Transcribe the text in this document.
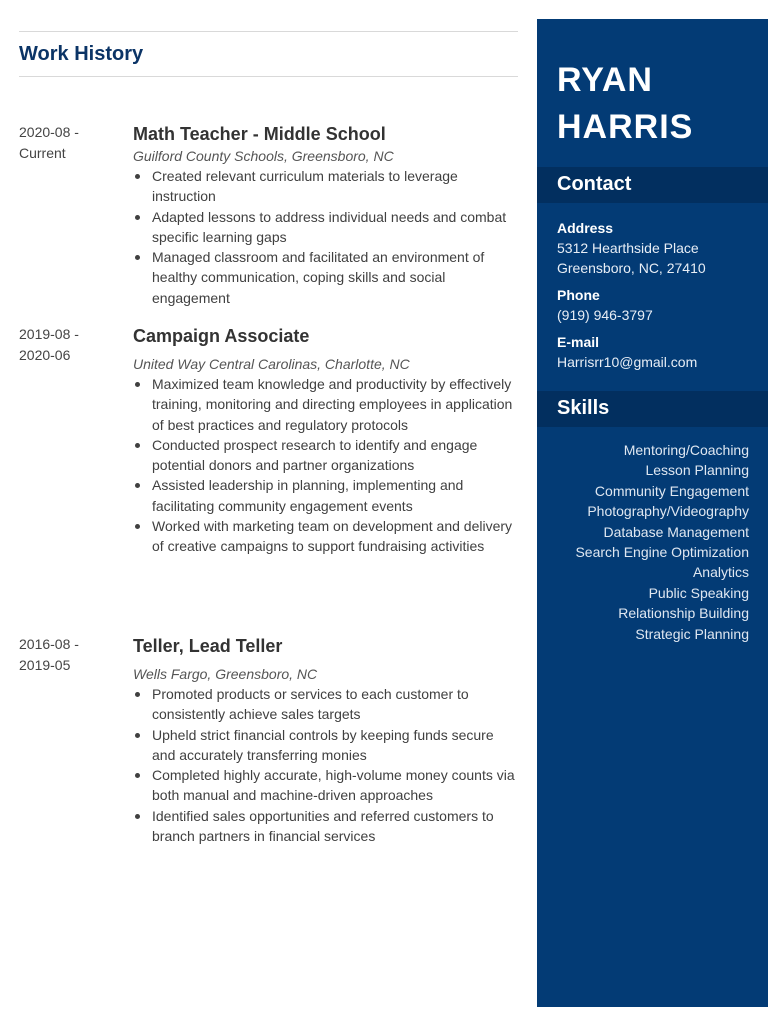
Work History
2020-08 -
Current
Math Teacher - Middle School

Guilford County Schools, Greensboro, NC

Created relevant curriculum materials to leverage instruction
Adapted lessons to address individual needs and combat specific learning gaps
Managed classroom and facilitated an environment of healthy communication, coping skills and social engagement
2019-08 -
2020-06
Campaign Associate

United Way Central Carolinas, Charlotte, NC

Maximized team knowledge and productivity by effectively training, monitoring and directing employees in application of best practices and regulatory protocols
Conducted prospect research to identify and engage potential donors and partner organizations
Assisted leadership in planning, implementing and facilitating community engagement events
Worked with marketing team on development and delivery of creative campaigns to support fundraising activities
2016-08 -
2019-05
Teller, Lead Teller

Wells Fargo, Greensboro, NC

Promoted products or services to each customer to consistently achieve sales targets
Upheld strict financial controls by keeping funds secure and accurately transferring monies
Completed highly accurate, high-volume money counts via both manual and machine-driven approaches
Identified sales opportunities and referred customers to branch partners in financial services
RYAN
HARRIS
Contact
Address
5312 Hearthside Place
Greensboro, NC, 27410
Phone
(919) 946-3797
E-mail
Harrisrr10@gmail.com
Skills
Mentoring/Coaching
Lesson Planning
Community Engagement
Photography/Videography
Database Management
Search Engine Optimization
Analytics
Public Speaking
Relationship Building
Strategic Planning
